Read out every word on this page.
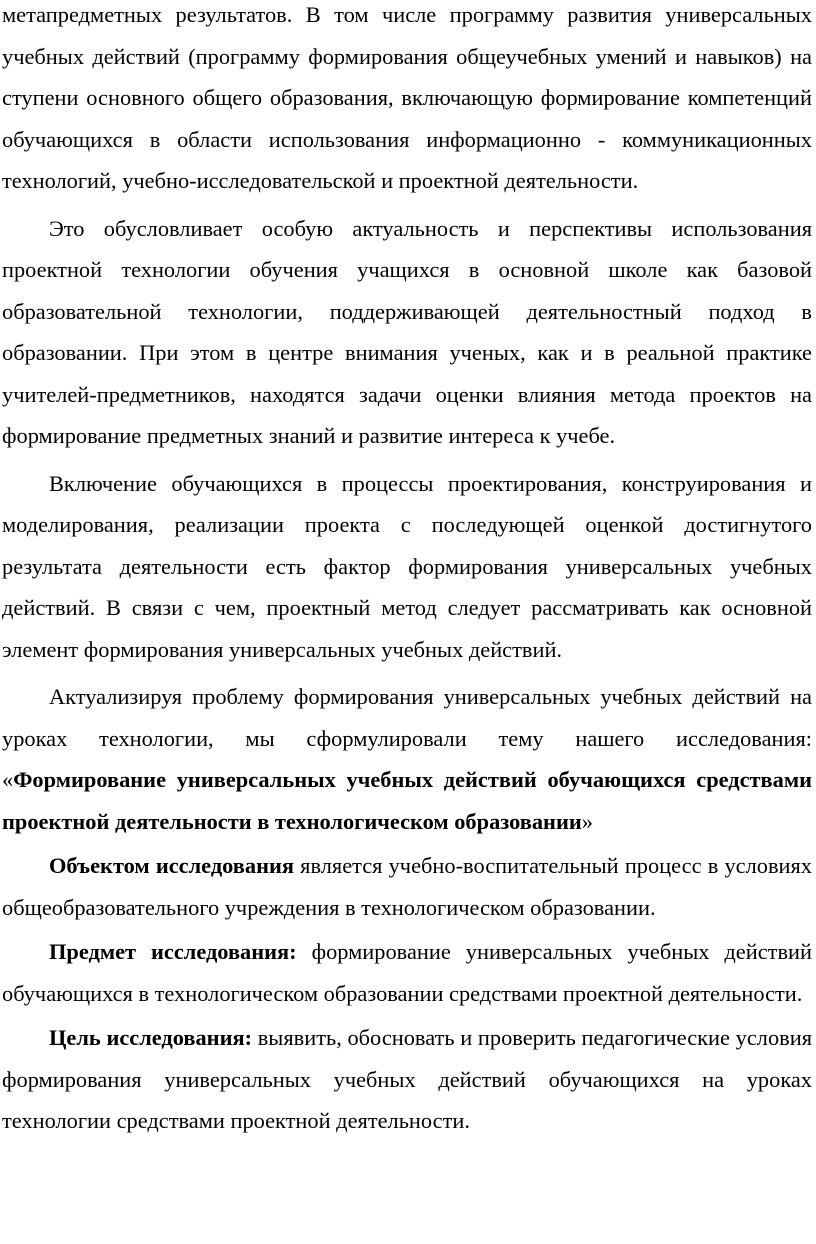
метапредметных результатов. В том числе программу развития универсальных учебных действий (программу формирования общеучебных умений и навыков) на ступени основного общего образования, включающую формирование компетенций обучающихся в области использования информационно - коммуникационных технологий, учебно-исследовательской и проектной деятельности.

Это обусловливает особую актуальность и перспективы использования проектной технологии обучения учащихся в основной школе как базовой образовательной технологии, поддерживающей деятельностный подход в образовании. При этом в центре внимания ученых, как и в реальной практике учителей-предметников, находятся задачи оценки влияния метода проектов на формирование предметных знаний и развитие интереса к учебе.

Включение обучающихся в процессы проектирования, конструирования и моделирования, реализации проекта с последующей оценкой достигнутого результата деятельности есть фактор формирования универсальных учебных действий. В связи с чем, проектный метод следует рассматривать как основной элемент формирования универсальных учебных действий.

Актуализируя проблему формирования универсальных учебных действий на уроках технологии, мы сформулировали тему нашего исследования: «Формирование универсальных учебных действий обучающихся средствами проектной деятельности в технологическом образовании»

Объектом исследования является учебно-воспитательный процесс в условиях общеобразовательного учреждения в технологическом образовании.

Предмет исследования: формирование универсальных учебных действий обучающихся в технологическом образовании средствами проектной деятельности.

Цель исследования: выявить, обосновать и проверить педагогические условия формирования универсальных учебных действий обучающихся на уроках технологии средствами проектной деятельности.
